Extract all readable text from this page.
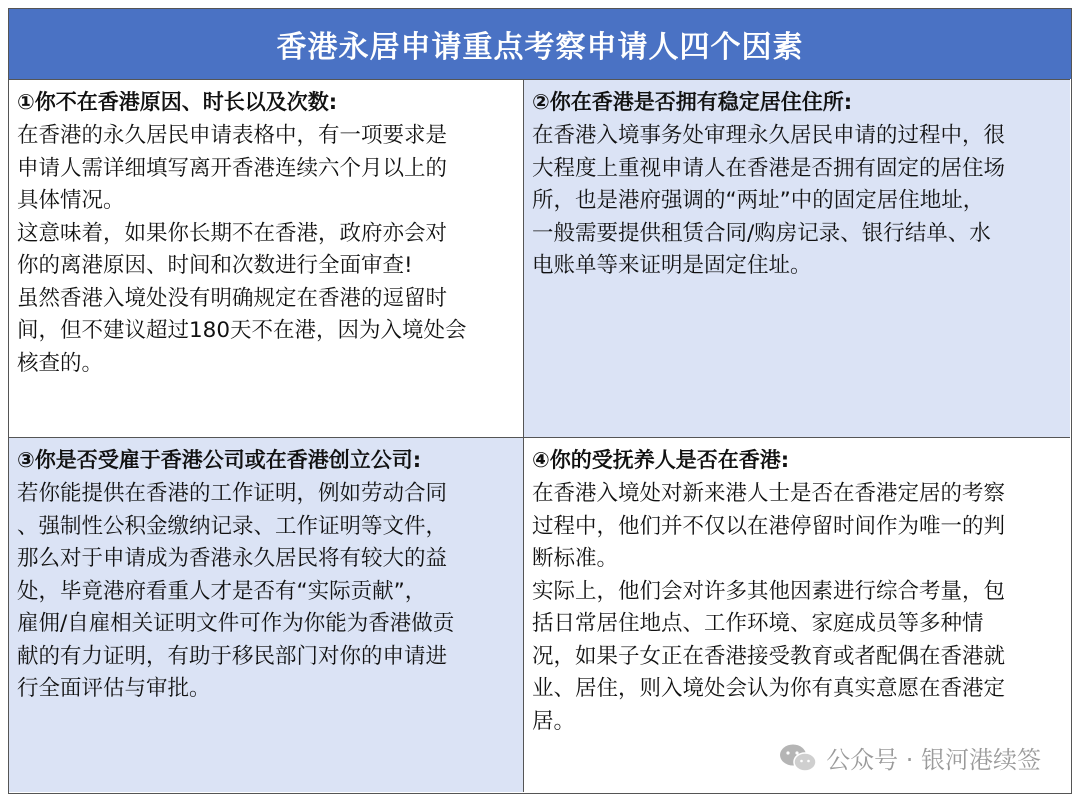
香港永居申请重点考察申请人四个因素
①你不在香港原因、时长以及次数:
在香港的永久居民申请表格中，有一项要求是
申请人需详细填写离开香港连续六个月以上的
具体情况。
这意味着，如果你长期不在香港，政府亦会对
你的离港原因、时间和次数进行全面审查!
虽然香港入境处没有明确规定在香港的逗留时
间，但不建议超过180天不在港，因为入境处会
核查的。
②你在香港是否拥有稳定居住住所:
在香港入境事务处审理永久居民申请的过程中，很
大程度上重视申请人在香港是否拥有固定的居住场
所，也是港府强调的“两址”中的固定居住地址，
一般需要提供租赁合同/购房记录、银行结单、水
电账单等来证明是固定住址。
③你是否受雇于香港公司或在香港创立公司:
若你能提供在香港的工作证明，例如劳动合同
、强制性公积金缴纳记录、工作证明等文件，
那么对于申请成为香港永久居民将有较大的益
处，毕竟港府看重人才是否有“实际贡献”，
雇佣/自雇相关证明文件可作为你能为香港做贡
献的有力证明，有助于移民部门对你的申请进
行全面评估与审批。
④你的受抚养人是否在香港:
在香港入境处对新来港人士是否在香港定居的考察
过程中，他们并不仅以在港停留时间作为唯一的判
断标准。
实际上，他们会对许多其他因素进行综合考量，包
括日常居住地点、工作环境、家庭成员等多种情
况，如果子女正在香港接受教育或者配偶在香港就
业、居住，则入境处会认为你有真实意愿在香港定
居。
公众号 · 银河港续签
